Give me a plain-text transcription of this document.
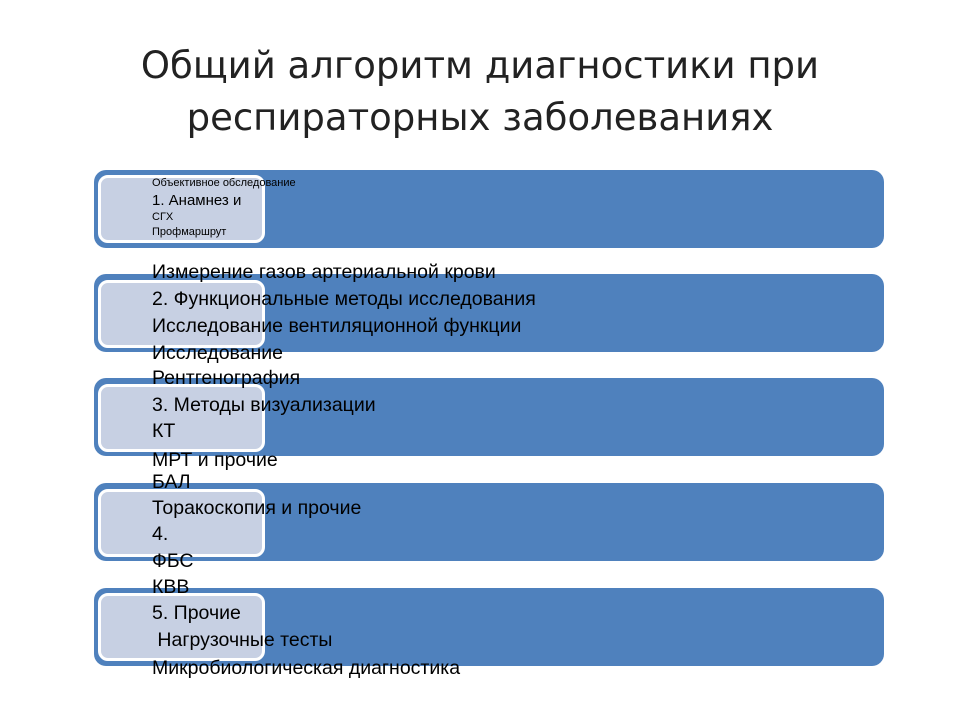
Общий алгоритм диагностики при
респираторных заболеваниях
Объективное обследование
1. Анамнез и
СГХ
Профмаршрут
Измерение газов артериальной крови
2. Функциональные методы исследования
Исследование вентиляционной функции
Исследование
Рентгенография
3. Методы визуализации
КТ
МРТ и прочие
БАЛ
Торакоскопия и прочие
4.
ФБС
КВВ
5. Прочие
Нагрузочные тесты
Микробиологическая диагностика
